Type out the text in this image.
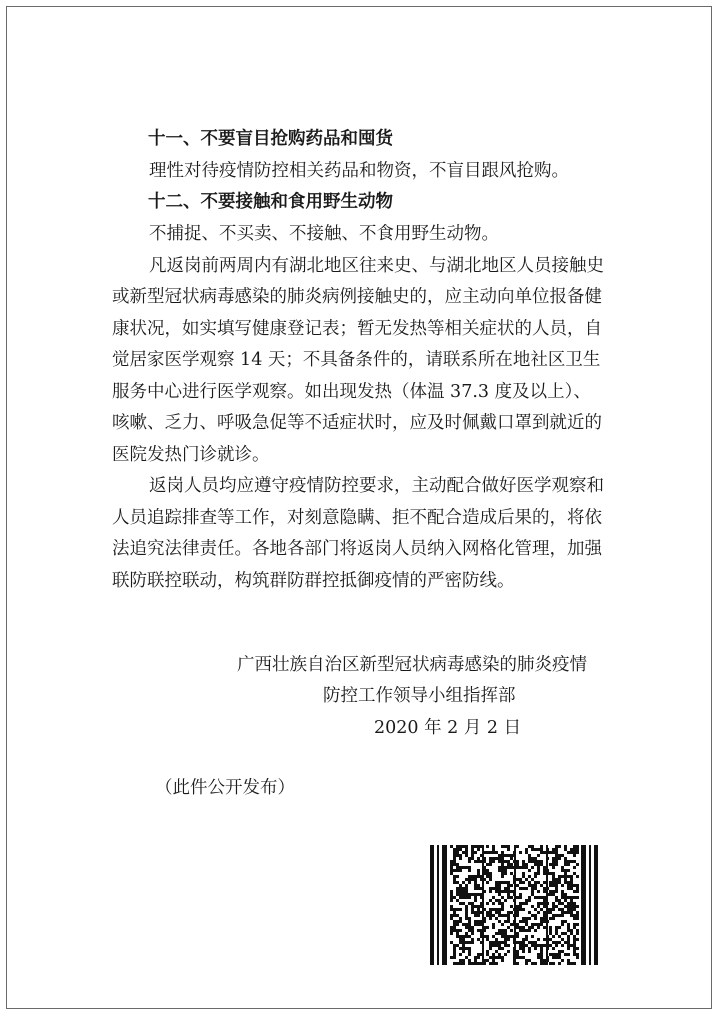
十一、不要盲目抢购药品和囤货
理性对待疫情防控相关药品和物资，不盲目跟风抢购。
十二、不要接触和食用野生动物
不捕捉、不买卖、不接触、不食用野生动物。
凡返岗前两周内有湖北地区往来史、与湖北地区人员接触史
或新型冠状病毒感染的肺炎病例接触史的，应主动向单位报备健
康状况，如实填写健康登记表；暂无发热等相关症状的人员，自
觉居家医学观察 14 天；不具备条件的，请联系所在地社区卫生
服务中心进行医学观察。如出现发热（体温 37.3 度及以上）、
咳嗽、乏力、呼吸急促等不适症状时，应及时佩戴口罩到就近的
医院发热门诊就诊。
返岗人员均应遵守疫情防控要求，主动配合做好医学观察和
人员追踪排查等工作，对刻意隐瞒、拒不配合造成后果的，将依
法追究法律责任。各地各部门将返岗人员纳入网格化管理，加强
联防联控联动，构筑群防群控抵御疫情的严密防线。
广西壮族自治区新型冠状病毒感染的肺炎疫情
防控工作领导小组指挥部
2020 年 2 月 2 日
（此件公开发布）
